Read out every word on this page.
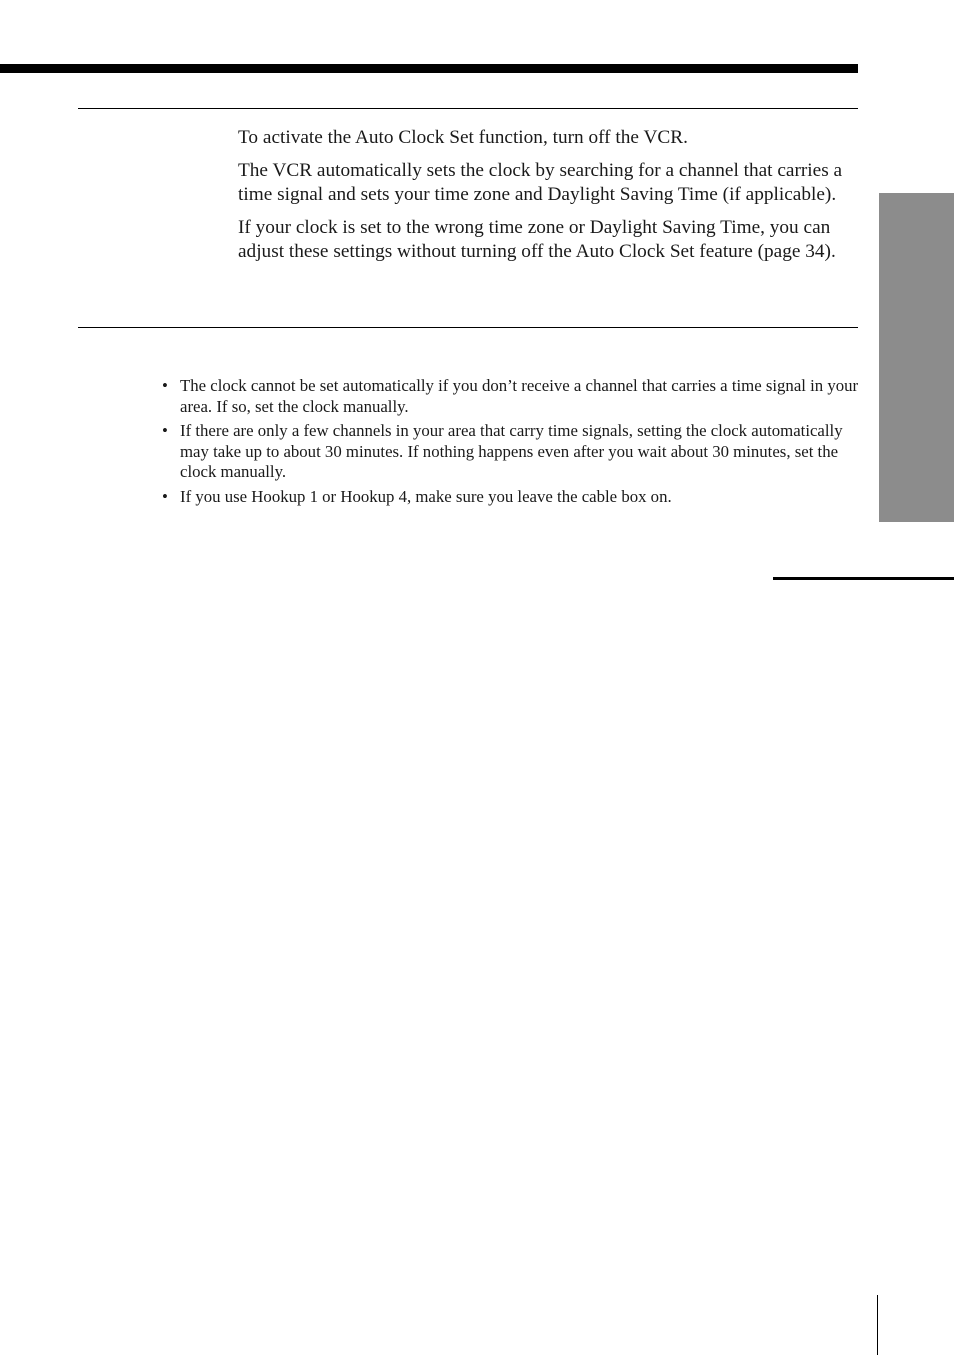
To activate the Auto Clock Set function, turn off the VCR.

The VCR automatically sets the clock by searching for a channel that carries a time signal and sets your time zone and Daylight Saving Time (if applicable).

If your clock is set to the wrong time zone or Daylight Saving Time, you can adjust these settings without turning off the Auto Clock Set feature (page 34).

• The clock cannot be set automatically if you don’t receive a channel that carries a time signal in your area. If so, set the clock manually.
• If there are only a few channels in your area that carry time signals, setting the clock automatically may take up to about 30 minutes. If nothing happens even after you wait about 30 minutes, set the clock manually.
• If you use Hookup 1 or Hookup 4, make sure you leave the cable box on.
